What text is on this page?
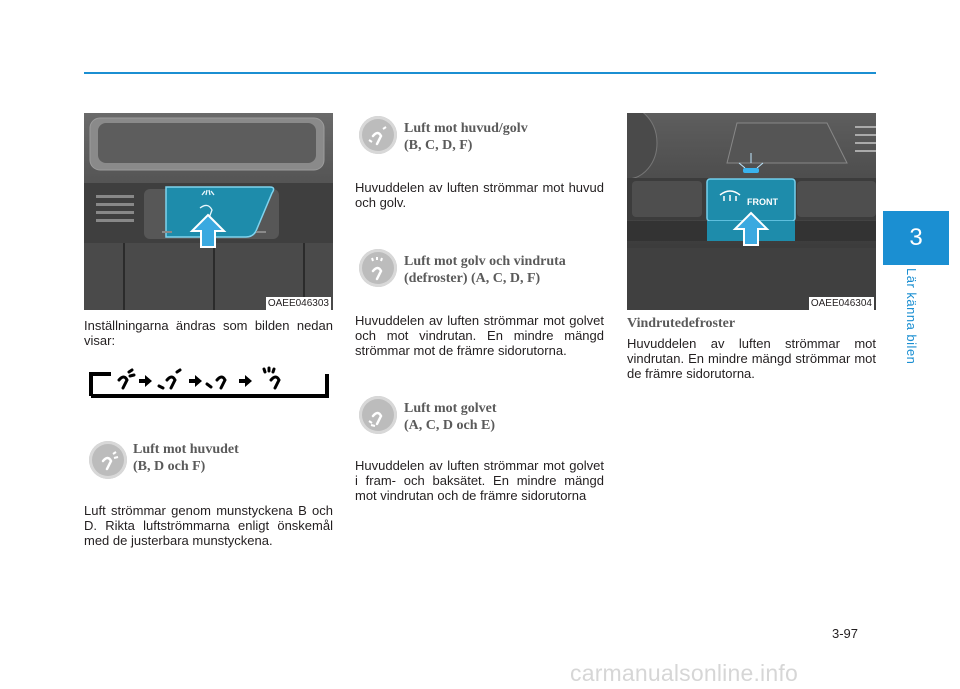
OAEE046303
Inställningarna ändras som bilden nedan visar:
Luft mot huvudet
(B, D och F)
Luft strömmar genom munstyckena B och D. Rikta luftströmmarna enligt önskemål med de justerbara munstyckena.
Luft mot huvud/golv
(B, C, D, F)
Huvuddelen av luften strömmar mot huvud och golv.
Luft mot golv och vindruta
(defroster) (A, C, D, F)
Huvuddelen av luften strömmar mot golvet och mot vindrutan. En mindre mängd strömmar mot de främre sidorutorna.
Luft mot golvet
(A, C, D och E)
Huvuddelen av luften strömmar mot golvet i fram- och baksätet. En mindre mängd mot vindrutan och de främre sidorutorna
FRONT
OAEE046304
Vindrutedefroster
Huvuddelen av luften strömmar mot vindrutan. En mindre mängd strömmar mot de främre sidorutorna.
3
Lär känna bilen
3-97
carmanualsonline.info
